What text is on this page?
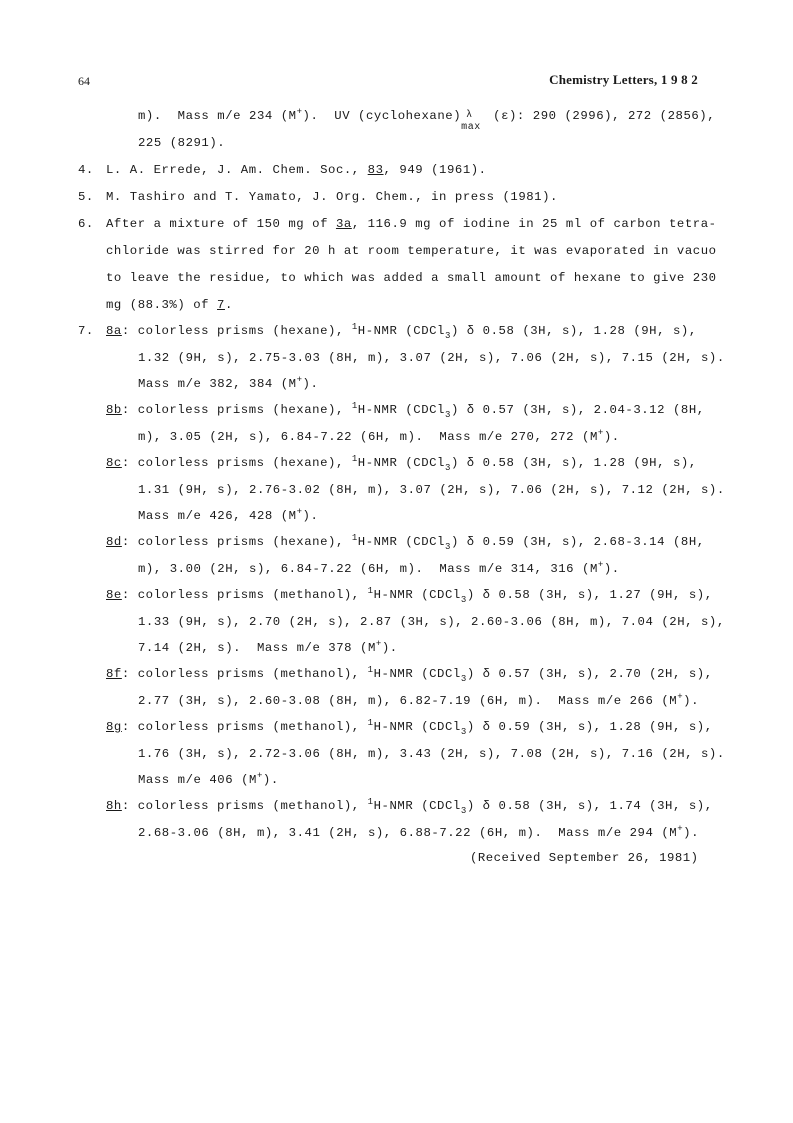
64	Chemistry Letters, 1 9 8 2
m).  Mass m/e 234 (M+).  UV (cyclohexane) λ
max
(ε): 290 (2996), 272 (2856),
225 (8291).
4. L. A. Errede, J. Am. Chem. Soc., 83, 949 (1961).
5. M. Tashiro and T. Yamato, J. Org. Chem., in press (1981).
6. After a mixture of 150 mg of 3a, 116.9 mg of iodine in 25 ml of carbon tetra-
chloride was stirred for 20 h at room temperature, it was evaporated in vacuo
to leave the residue, to which was added a small amount of hexane to give 230
mg (88.3%) of 7.
7. 8a: colorless prisms (hexane), $^1$H-NMR (CDCl$_3$) δ 0.58 (3H, s), 1.28 (9H, s),
1.32 (9H, s), 2.75-3.03 (8H, m), 3.07 (2H, s), 7.06 (2H, s), 7.15 (2H, s).
Mass m/e 382, 384 (M+).
8b: colorless prisms (hexane), $^1$H-NMR (CDCl$_3$) δ 0.57 (3H, s), 2.04-3.12 (8H,
m), 3.05 (2H, s), 6.84-7.22 (6H, m).  Mass m/e 270, 272 (M+).
8c: colorless prisms (hexane), $^1$H-NMR (CDCl$_3$) δ 0.58 (3H, s), 1.28 (9H, s),
1.31 (9H, s), 2.76-3.02 (8H, m), 3.07 (2H, s), 7.06 (2H, s), 7.12 (2H, s).
Mass m/e 426, 428 (M+).
8d: colorless prisms (hexane), $^1$H-NMR (CDCl$_3$) δ 0.59 (3H, s), 2.68-3.14 (8H,
m), 3.00 (2H, s), 6.84-7.22 (6H, m).  Mass m/e 314, 316 (M+).
8e: colorless prisms (methanol), $^1$H-NMR (CDCl$_3$) δ 0.58 (3H, s), 1.27 (9H, s),
1.33 (9H, s), 2.70 (2H, s), 2.87 (3H, s), 2.60-3.06 (8H, m), 7.04 (2H, s),
7.14 (2H, s).  Mass m/e 378 (M+).
8f: colorless prisms (methanol), $^1$H-NMR (CDCl$_3$) δ 0.57 (3H, s), 2.70 (2H, s),
2.77 (3H, s), 2.60-3.08 (8H, m), 6.82-7.19 (6H, m).  Mass m/e 266 (M+).
8g: colorless prisms (methanol), $^1$H-NMR (CDCl$_3$) δ 0.59 (3H, s), 1.28 (9H, s),
1.76 (3H, s), 2.72-3.06 (8H, m), 3.43 (2H, s), 7.08 (2H, s), 7.16 (2H, s).
Mass m/e 406 (M+).
8h: colorless prisms (methanol), $^1$H-NMR (CDCl$_3$) δ 0.58 (3H, s), 1.74 (3H, s),
2.68-3.06 (8H, m), 3.41 (2H, s), 6.88-7.22 (6H, m).  Mass m/e 294 (M+).
(Received September 26, 1981)
